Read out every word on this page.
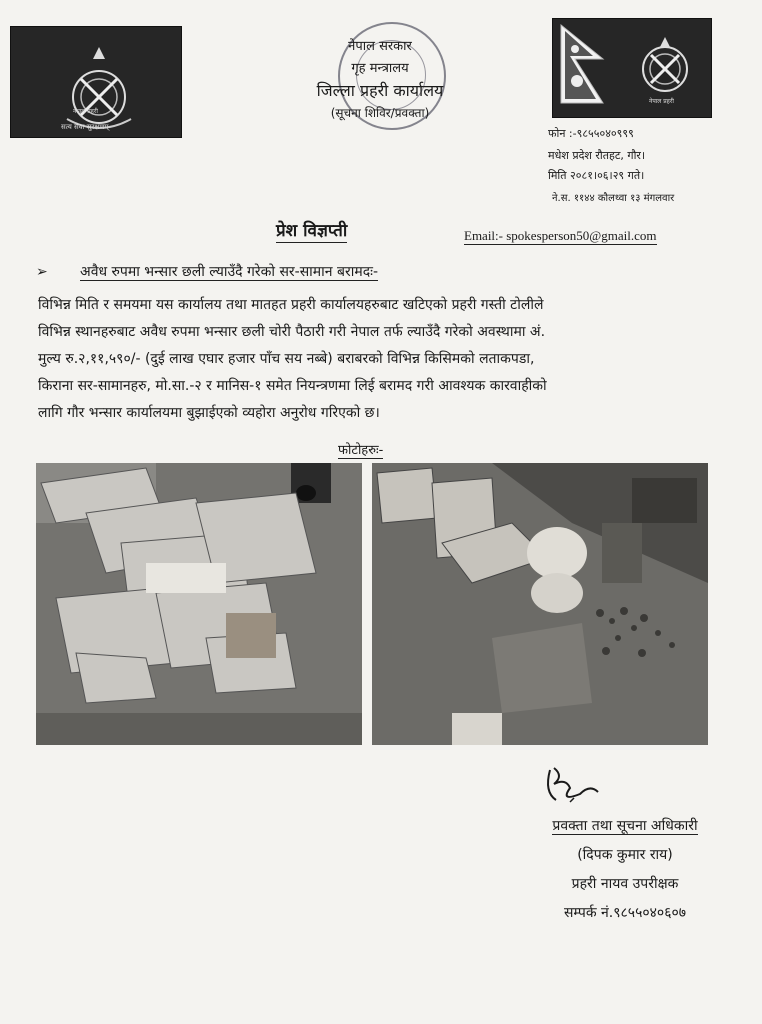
नेपाल प्रहरी
सत्य सेवा सुरक्षणम्
नेपाल प्रहरी
नेपाल सरकार
गृह मन्त्रालय
जिल्ला प्रहरी कार्यालय
(सूचना शिविर/प्रवक्ता)
फोन :-९८५५०४०९९९
मधेश प्रदेश रौतहट, गौर।
मिति २०८१।०६।२९ गते।
ने.स. ११४४ कौलथ्वा १३ मंगलवार
प्रेश विज्ञप्ती	Email:- spokesperson50@gmail.com
➢ अवैध रुपमा भन्सार छली ल्याउँदै गरेको सर-सामान बरामदः-
विभिन्न मिति र समयमा यस कार्यालय तथा मातहत प्रहरी कार्यालयहरुबाट खटिएको प्रहरी गस्ती टोलीले
विभिन्न स्थानहरुबाट अवैध रुपमा भन्सार छली चोरी पैठारी गरी नेपाल तर्फ ल्याउँदै गरेको अवस्थामा अं.
मुल्य रु.२,११,५९०/- (दुई लाख एघार हजार पाँच सय नब्बे) बराबरको विभिन्न किसिमको लताकपडा,
किराना सर-सामानहरु, मो.सा.-२ र मानिस-१ समेत नियन्त्रणमा लिई बरामद गरी आवश्यक कारवाहीको
लागि गौर भन्सार कार्यालयमा बुझाईएको व्यहोरा अनुरोध गरिएको छ।
फोटोहरुः-
प्रवक्ता तथा सूचना अधिकारी
(दिपक कुमार राय)
प्रहरी नायव उपरीक्षक
सम्पर्क नं.९८५५०४०६०७
